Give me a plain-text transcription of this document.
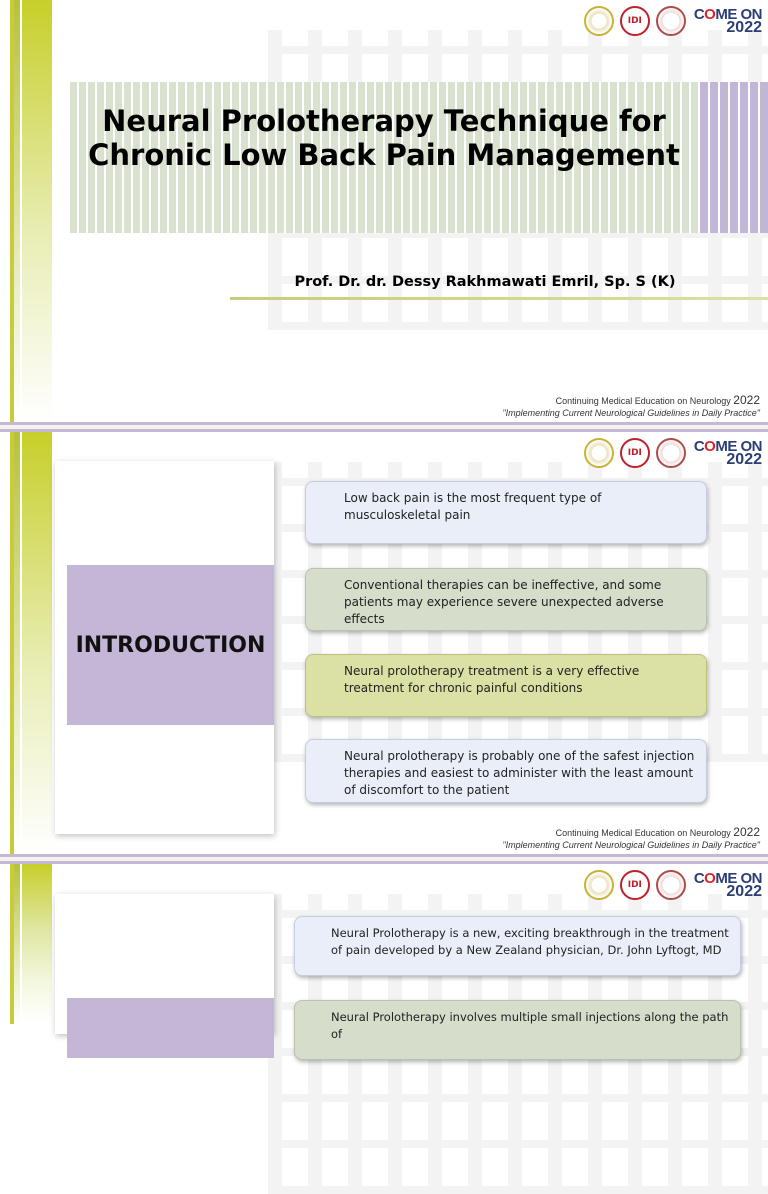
IDI	COME ON
2022
Neural Prolotherapy Technique for Chronic Low Back Pain Management
Prof. Dr. dr. Dessy Rakhmawati Emril, Sp. S (K)
Continuing Medical Education on Neurology 2022
"Implementing Current Neurological Guidelines in Daily Practice"
IDI	COME ON
2022
INTRODUCTION
Low back pain is the most frequent type of musculoskeletal pain
Conventional therapies can be ineffective, and some patients may experience severe unexpected adverse effects
Neural prolotherapy treatment is a very effective treatment for chronic painful conditions
Neural prolotherapy is probably one of the safest injection therapies and easiest to administer with the least amount of discomfort to the patient
Continuing Medical Education on Neurology 2022
"Implementing Current Neurological Guidelines in Daily Practice"
IDI	COME ON
2022
Neural Prolotherapy is a new, exciting breakthrough in the treatment of pain developed by a New Zealand physician, Dr. John Lyftogt, MD
Neural Prolotherapy involves multiple small injections along the path of
